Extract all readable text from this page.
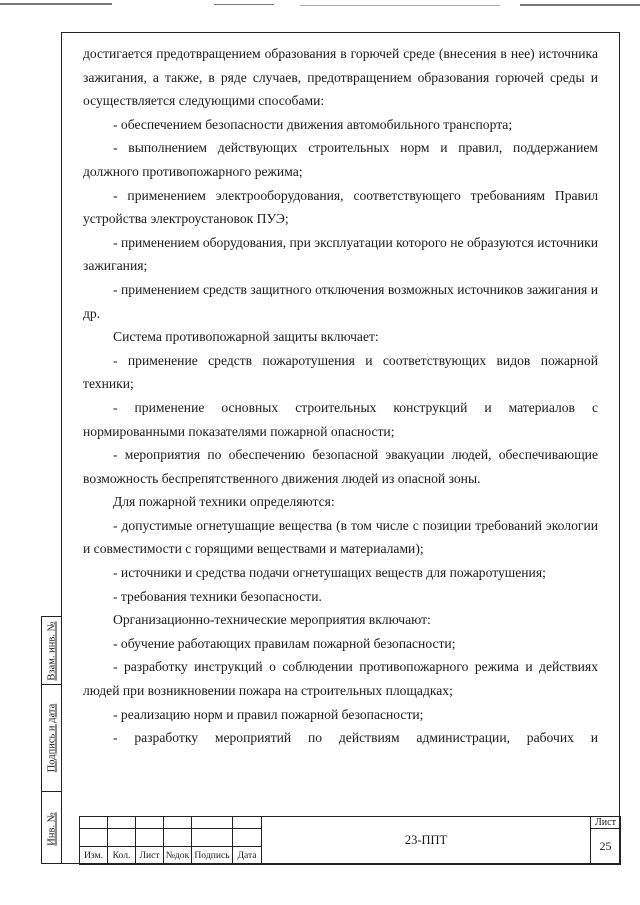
достигается предотвращением образования в горючей среде (внесения в нее) источника зажигания, а также, в ряде случаев, предотвращением образования горючей среды и осуществляется следующими способами:

- обеспечением безопасности движения автомобильного транспорта;

- выполнением действующих строительных норм и правил, поддержанием должного противопожарного режима;

- применением электрооборудования, соответствующего требованиям Правил устройства электроустановок ПУЭ;

- применением оборудования, при эксплуатации которого не образуются источники зажигания;

- применением средств защитного отключения возможных источников зажигания и др.

Система противопожарной защиты включает:

- применение средств пожаротушения и соответствующих видов пожарной техники;

- применение основных строительных конструкций и материалов с нормированными показателями пожарной опасности;

- мероприятия по обеспечению безопасной эвакуации людей, обеспечивающие возможность беспрепятственного движения людей из опасной зоны.

Для пожарной техники определяются:

- допустимые огнетушащие вещества (в том числе с позиции требований экологии и совместимости с горящими веществами и материалами);

- источники и средства подачи огнетушащих веществ для пожаротушения;

- требования техники безопасности.

Организационно-технические мероприятия включают:

- обучение работающих правилам пожарной безопасности;

- разработку инструкций о соблюдении противопожарного режима и действиях людей при возникновении пожара на строительных площадках;

- реализацию норм и правил пожарной безопасности;

- разработку мероприятий по действиям администрации, рабочих и

Взам. инв. №
Подпись и дата
Инв. №
							23-ППТ	Лист
							25
Изм.	Кол.	Лист	№док	Подпись	Дата		
